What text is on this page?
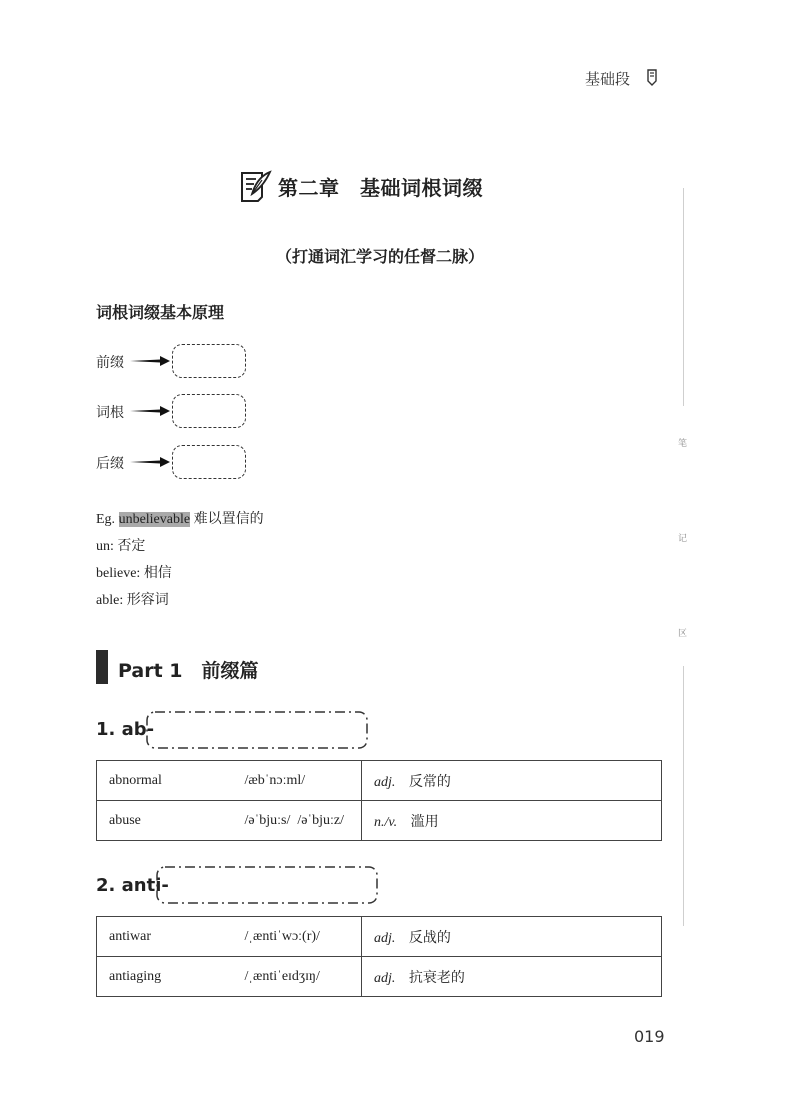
基础段
笔
记
区
第二章　基础词根词缀
（打通词汇学习的任督二脉）
词根词缀基本原理
前缀
词根
后缀
Eg. unbelievable 难以置信的
un: 否定
believe: 相信
able: 形容词
Part 1　前缀篇
1. ab-
abnormal /æbˈnɔːml/	adj. 反常的
abuse /əˈbjuːs/  /əˈbjuːz/	n./v. 滥用
2. anti-
antiwar /ˌæntiˈwɔː(r)/	adj. 反战的
antiaging /ˌæntiˈeɪdʒɪŋ/	adj. 抗衰老的
019
